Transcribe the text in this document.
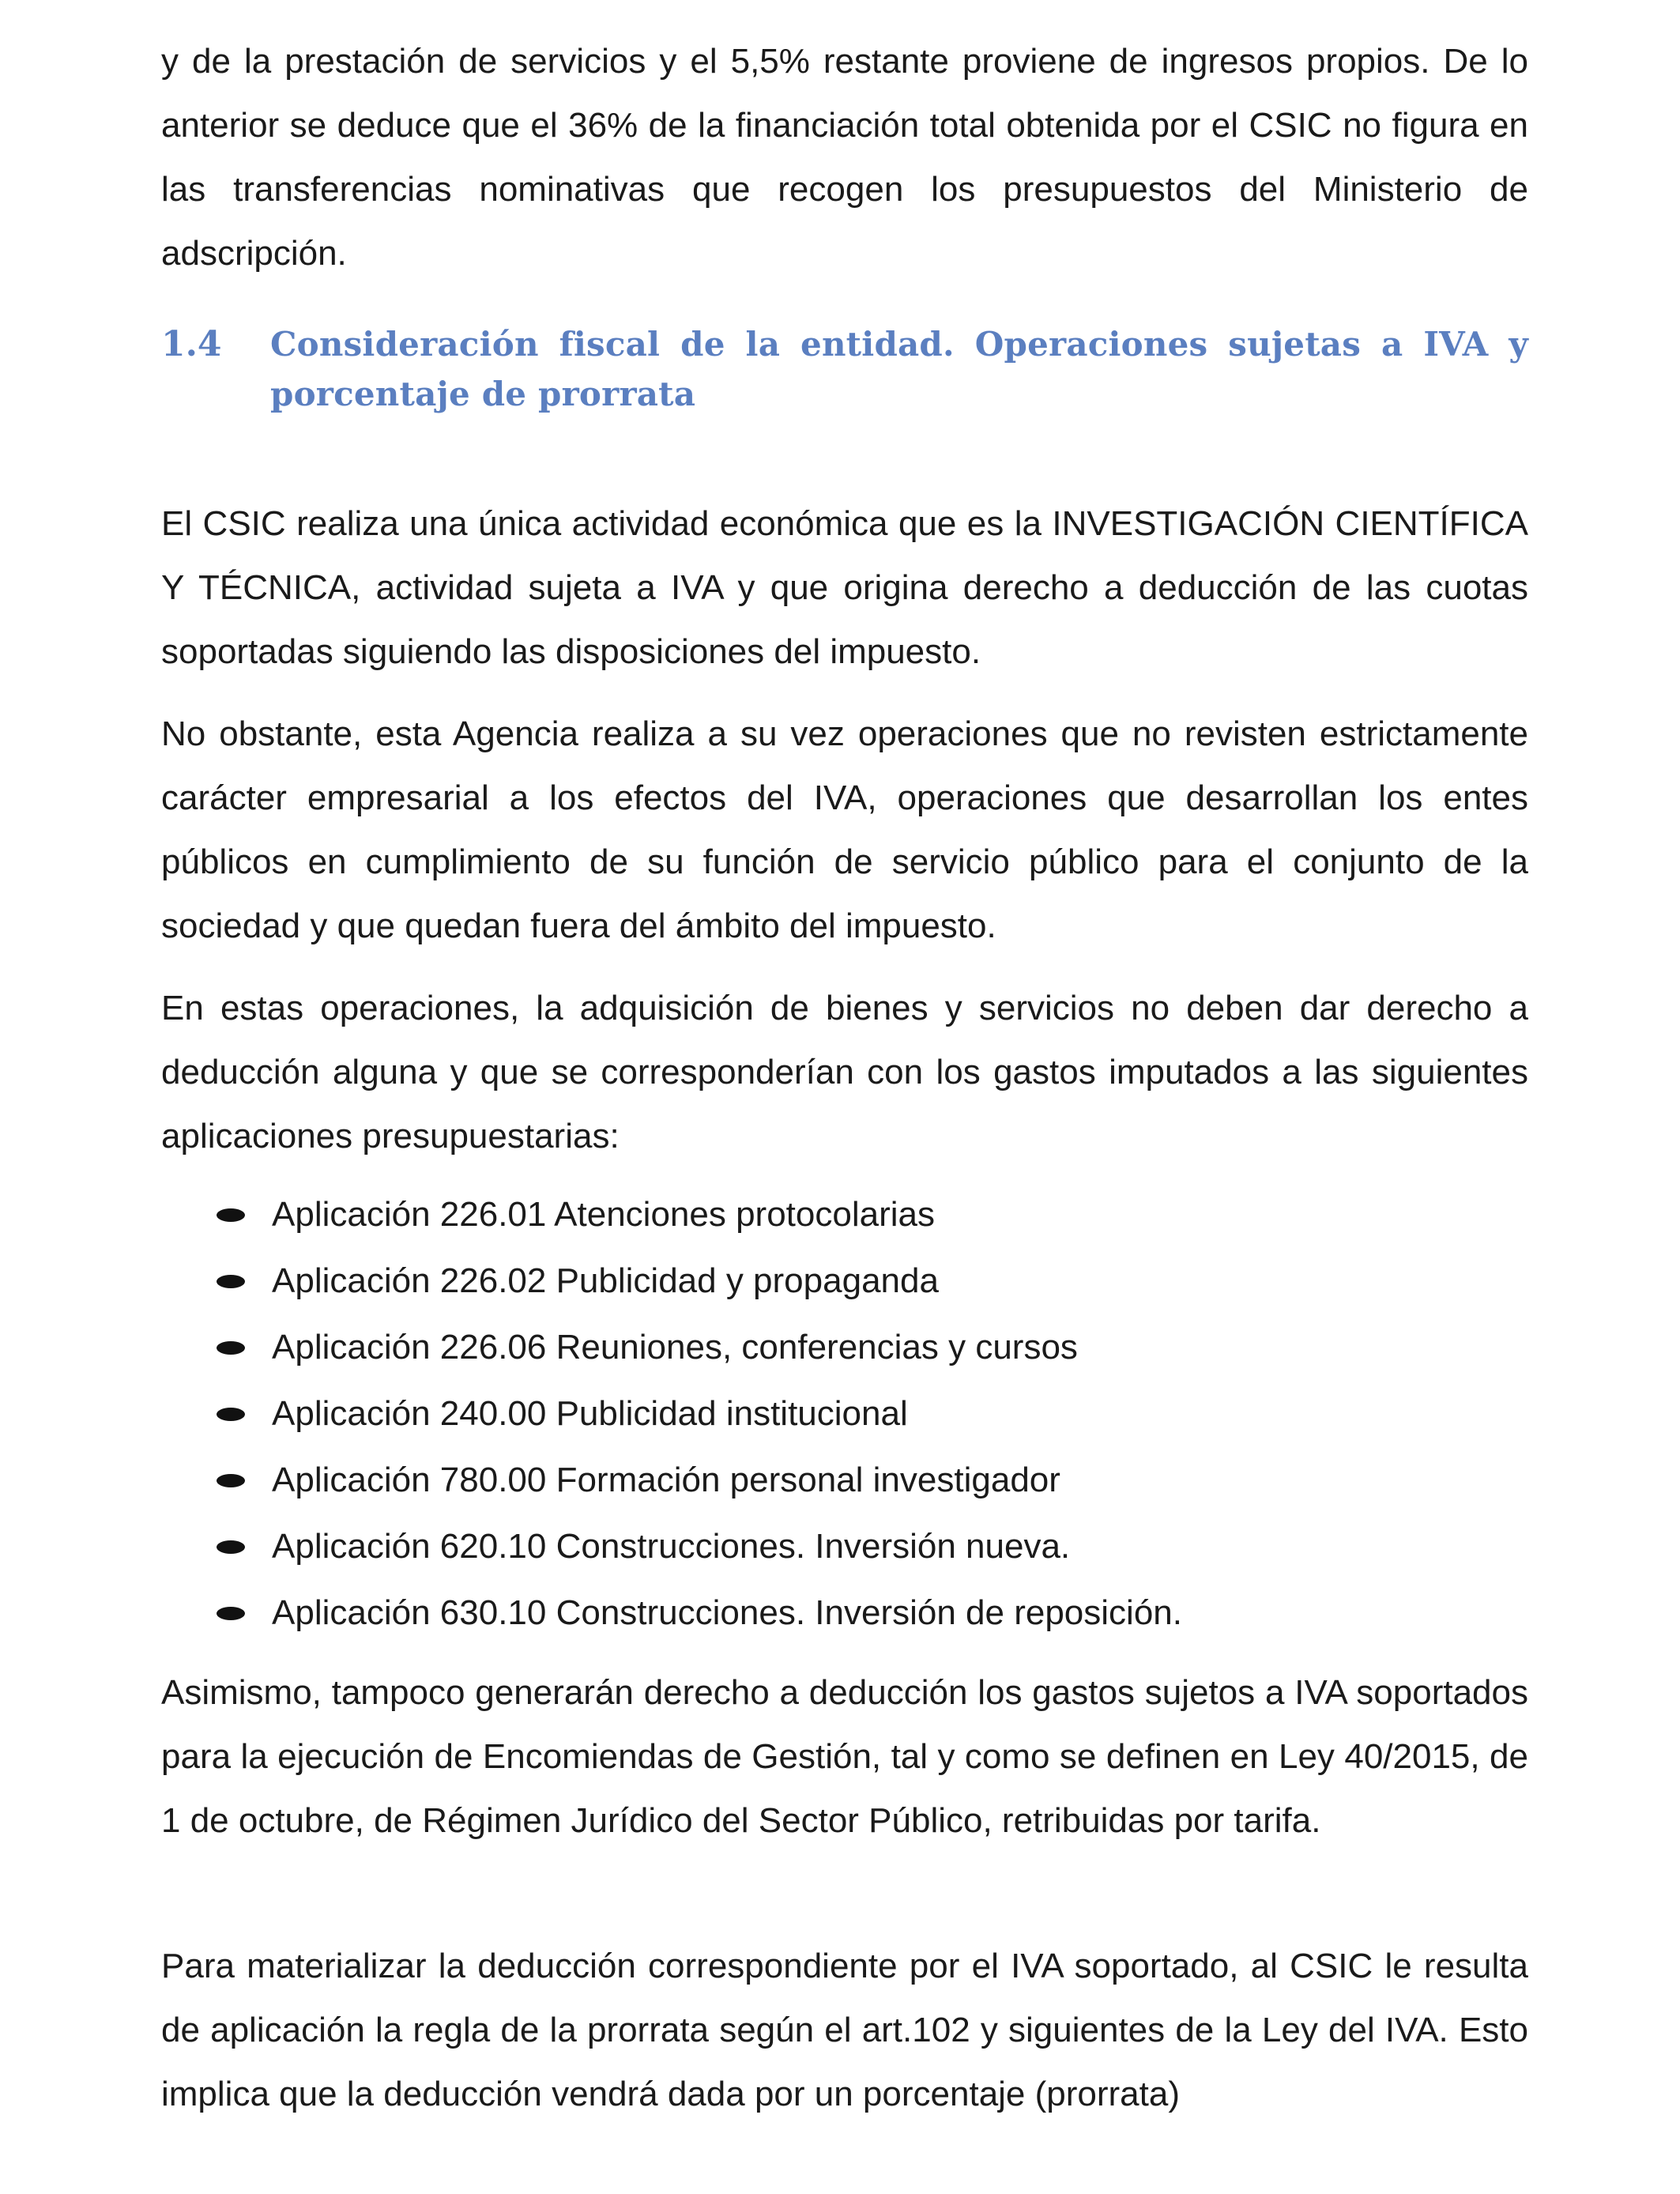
y de la prestación de servicios y el 5,5% restante proviene de ingresos propios. De lo anterior se deduce que el 36% de la financiación total obtenida por el CSIC no figura en las transferencias nominativas que recogen los presupuestos del Ministerio de adscripción.

1.4 Consideración fiscal de la entidad. Operaciones sujetas a IVA y porcentaje de prorrata

El CSIC realiza una única actividad económica que es la INVESTIGACIÓN CIENTÍFICA Y TÉCNICA, actividad sujeta a IVA y que origina derecho a deducción de las cuotas soportadas siguiendo las disposiciones del impuesto.

No obstante, esta Agencia realiza a su vez operaciones que no revisten estrictamente carácter empresarial a los efectos del IVA, operaciones que desarrollan los entes públicos en cumplimiento de su función de servicio público para el conjunto de la sociedad y que quedan fuera del ámbito del impuesto.

En estas operaciones, la adquisición de bienes y servicios no deben dar derecho a deducción alguna y que se corresponderían con los gastos imputados a las siguientes aplicaciones presupuestarias:

Aplicación 226.01 Atenciones protocolarias
Aplicación 226.02 Publicidad y propaganda
Aplicación 226.06 Reuniones, conferencias y cursos
Aplicación 240.00 Publicidad institucional
Aplicación 780.00 Formación personal investigador
Aplicación 620.10 Construcciones. Inversión nueva.
Aplicación 630.10 Construcciones. Inversión de reposición.

Asimismo, tampoco generarán derecho a deducción los gastos sujetos a IVA soportados para la ejecución de Encomiendas de Gestión, tal y como se definen en Ley 40/2015, de 1 de octubre, de Régimen Jurídico del Sector Público, retribuidas por tarifa.

Para materializar la deducción correspondiente por el IVA soportado, al CSIC le resulta de aplicación la regla de la prorrata según el art.102 y siguientes de la Ley del IVA. Esto implica que la deducción vendrá dada por un porcentaje (prorrata)
